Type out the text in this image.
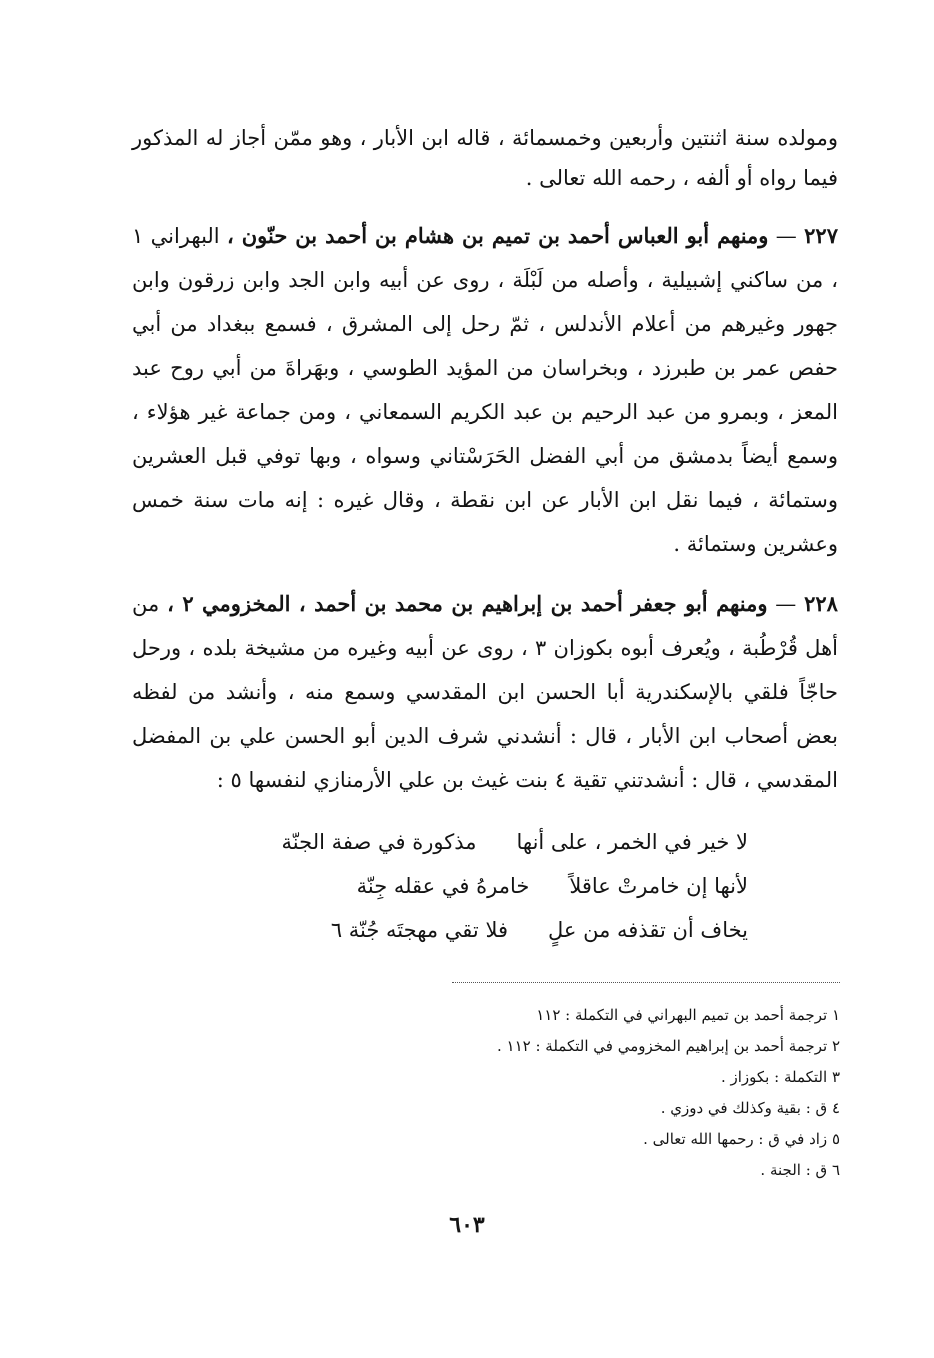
ومولده سنة اثنتين وأربعين وخمسمائة ، قاله ابن الأبار ، وهو ممّن أجاز له المذكور فيما رواه أو ألفه ، رحمه الله تعالى .

٢٢٧ — ومنهم أبو العباس أحمد بن تميم بن هشام بن أحمد بن حنّون ، البهراني ١ ، من ساكني إشبيلية ، وأصله من لَبْلَة ، روى عن أبيه وابن الجد وابن زرقون وابن جهور وغيرهم من أعلام الأندلس ، ثمّ رحل إلى المشرق ، فسمع ببغداد من أبي حفص عمر بن طبرزد ، وبخراسان من المؤيد الطوسي ، وبهَراةَ من أبي روح عبد المعز ، وبمرو من عبد الرحيم بن عبد الكريم السمعاني ، ومن جماعة غير هؤلاء ، وسمع أيضاً بدمشق من أبي الفضل الحَرَسْتاني وسواه ، وبها توفي قبل العشرين وستمائة ، فيما نقل ابن الأبار عن ابن نقطة ، وقال غيره : إنه مات سنة خمس وعشرين وستمائة .

٢٢٨ — ومنهم أبو جعفر أحمد بن إبراهيم بن محمد بن أحمد ، المخزومي ٢ ، من أهل قُرْطُبة ، ويُعرف أبوه بكوزان ٣ ، روى عن أبيه وغيره من مشيخة بلده ، ورحل حاجّاً فلقي بالإسكندرية أبا الحسن ابن المقدسي وسمع منه ، وأنشد من لفظه بعض أصحاب ابن الأبار ، قال : أنشدني شرف الدين أبو الحسن علي بن المفضل المقدسي ، قال : أنشدتني تقية ٤ بنت غيث بن علي الأرمنازي لنفسها ٥ :

لا خير في الخمر ، على أنها
مذكورة في صفة الجنّة
لأنها إن خامرتْ عاقلاً
خامرهُ في عقله جِنّة
يخاف أن تقذفه من علٍ
فلا تقي مهجتَه جُنّة ٦
١ ترجمة أحمد بن تميم البهراني في التكملة : ١١٢
٢ ترجمة أحمد بن إبراهيم المخزومي في التكملة : ١١٢ .
٣ التكملة : بكوزاز .
٤ ق : بقية وكذلك في دوزي .
٥ زاد في ق : رحمها الله تعالى .
٦ ق : الجنة .
٦٠٣
